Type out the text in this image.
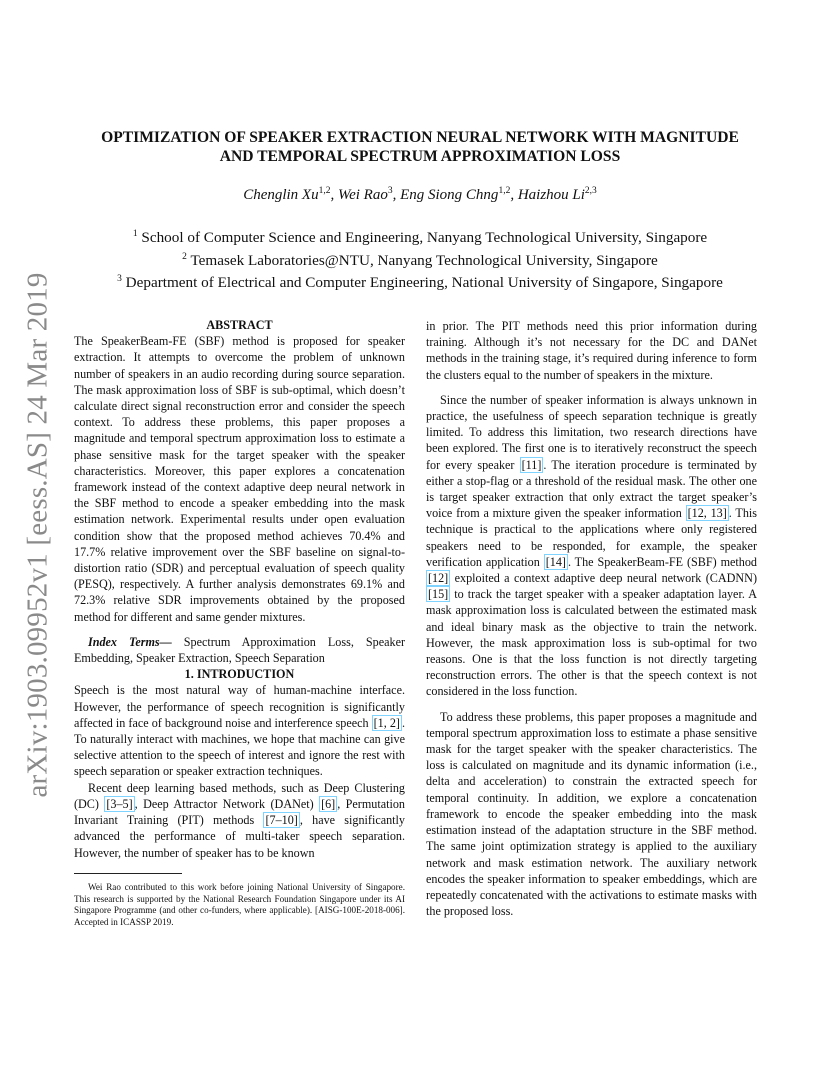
arXiv:1903.09952v1 [eess.AS] 24 Mar 2019
OPTIMIZATION OF SPEAKER EXTRACTION NEURAL NETWORK WITH MAGNITUDE
AND TEMPORAL SPECTRUM APPROXIMATION LOSS
Chenglin Xu$^{1,2}$, Wei Rao$^3$, Eng Siong Chng$^{1,2}$, Haizhou Li$^{2,3}$
$^1$ School of Computer Science and Engineering, Nanyang Technological University, Singapore
$^2$ Temasek Laboratories@NTU, Nanyang Technological University, Singapore
$^3$ Department of Electrical and Computer Engineering, National University of Singapore, Singapore

ABSTRACT

The SpeakerBeam-FE (SBF) method is proposed for speaker extraction. It attempts to overcome the problem of unknown number of speakers in an audio recording during source separation. The mask approximation loss of SBF is sub-optimal, which doesn’t calculate direct signal reconstruction error and consider the speech context. To address these problems, this paper proposes a magnitude and temporal spectrum approximation loss to estimate a phase sensitive mask for the target speaker with the speaker characteristics. Moreover, this paper explores a concatenation framework instead of the context adaptive deep neural network in the SBF method to encode a speaker embedding into the mask estimation network. Experimental results under open evaluation condition show that the proposed method achieves 70.4% and 17.7% relative improvement over the SBF baseline on signal-to-distortion ratio (SDR) and perceptual evaluation of speech quality (PESQ), respectively. A further analysis demonstrates 69.1% and 72.3% relative SDR improvements obtained by the proposed method for different and same gender mixtures.

Index Terms— Spectrum Approximation Loss, Speaker Embedding, Speaker Extraction, Speech Separation

1. INTRODUCTION

Speech is the most natural way of human-machine interface. However, the performance of speech recognition is significantly affected in face of background noise and interference speech [1, 2] . To naturally interact with machines, we hope that machine can give selective attention to the speech of interest and ignore the rest with speech separation or speaker extraction techniques.

Recent deep learning based methods, such as Deep Clustering (DC) [3–5] , Deep Attractor Network (DANet) [6] , Permutation Invariant Training (PIT) methods [7–10] , have significantly advanced the performance of multi-taker speech separation. However, the number of speaker has to be known

Wei Rao contributed to this work before joining National University of Singapore. This research is supported by the National Research Foundation Singapore under its AI Singapore Programme (and other co-funders, where applicable). [AISG-100E-2018-006]. Accepted in ICASSP 2019.

in prior. The PIT methods need this prior information during training. Although it’s not necessary for the DC and DANet methods in the training stage, it’s required during inference to form the clusters equal to the number of speakers in the mixture.

Since the number of speaker information is always unknown in practice, the usefulness of speech separation technique is greatly limited. To address this limitation, two research directions have been explored. The first one is to iteratively reconstruct the speech for every speaker [11] . The iteration procedure is terminated by either a stop-flag or a threshold of the residual mask. The other one is target speaker extraction that only extract the target speaker’s voice from a mixture given the speaker information [12, 13] . This technique is practical to the applications where only registered speakers need to be responded, for example, the speaker verification application [14] . The SpeakerBeam-FE (SBF) method [12] exploited a context adaptive deep neural network (CADNN) [15] to track the target speaker with a speaker adaptation layer. A mask approximation loss is calculated between the estimated mask and ideal binary mask as the objective to train the network. However, the mask approximation loss is sub-optimal for two reasons. One is that the loss function is not directly targeting reconstruction errors. The other is that the speech context is not considered in the loss function.

To address these problems, this paper proposes a magnitude and temporal spectrum approximation loss to estimate a phase sensitive mask for the target speaker with the speaker characteristics. The loss is calculated on magnitude and its dynamic information (i.e., delta and acceleration) to constrain the extracted speech for temporal continuity. In addition, we explore a concatenation framework to encode the speaker embedding into the mask estimation instead of the adaptation structure in the SBF method. The same joint optimization strategy is applied to the auxiliary network and mask estimation network. The auxiliary network encodes the speaker information to speaker embeddings, which are repeatedly concatenated with the activations to estimate masks with the proposed loss.
